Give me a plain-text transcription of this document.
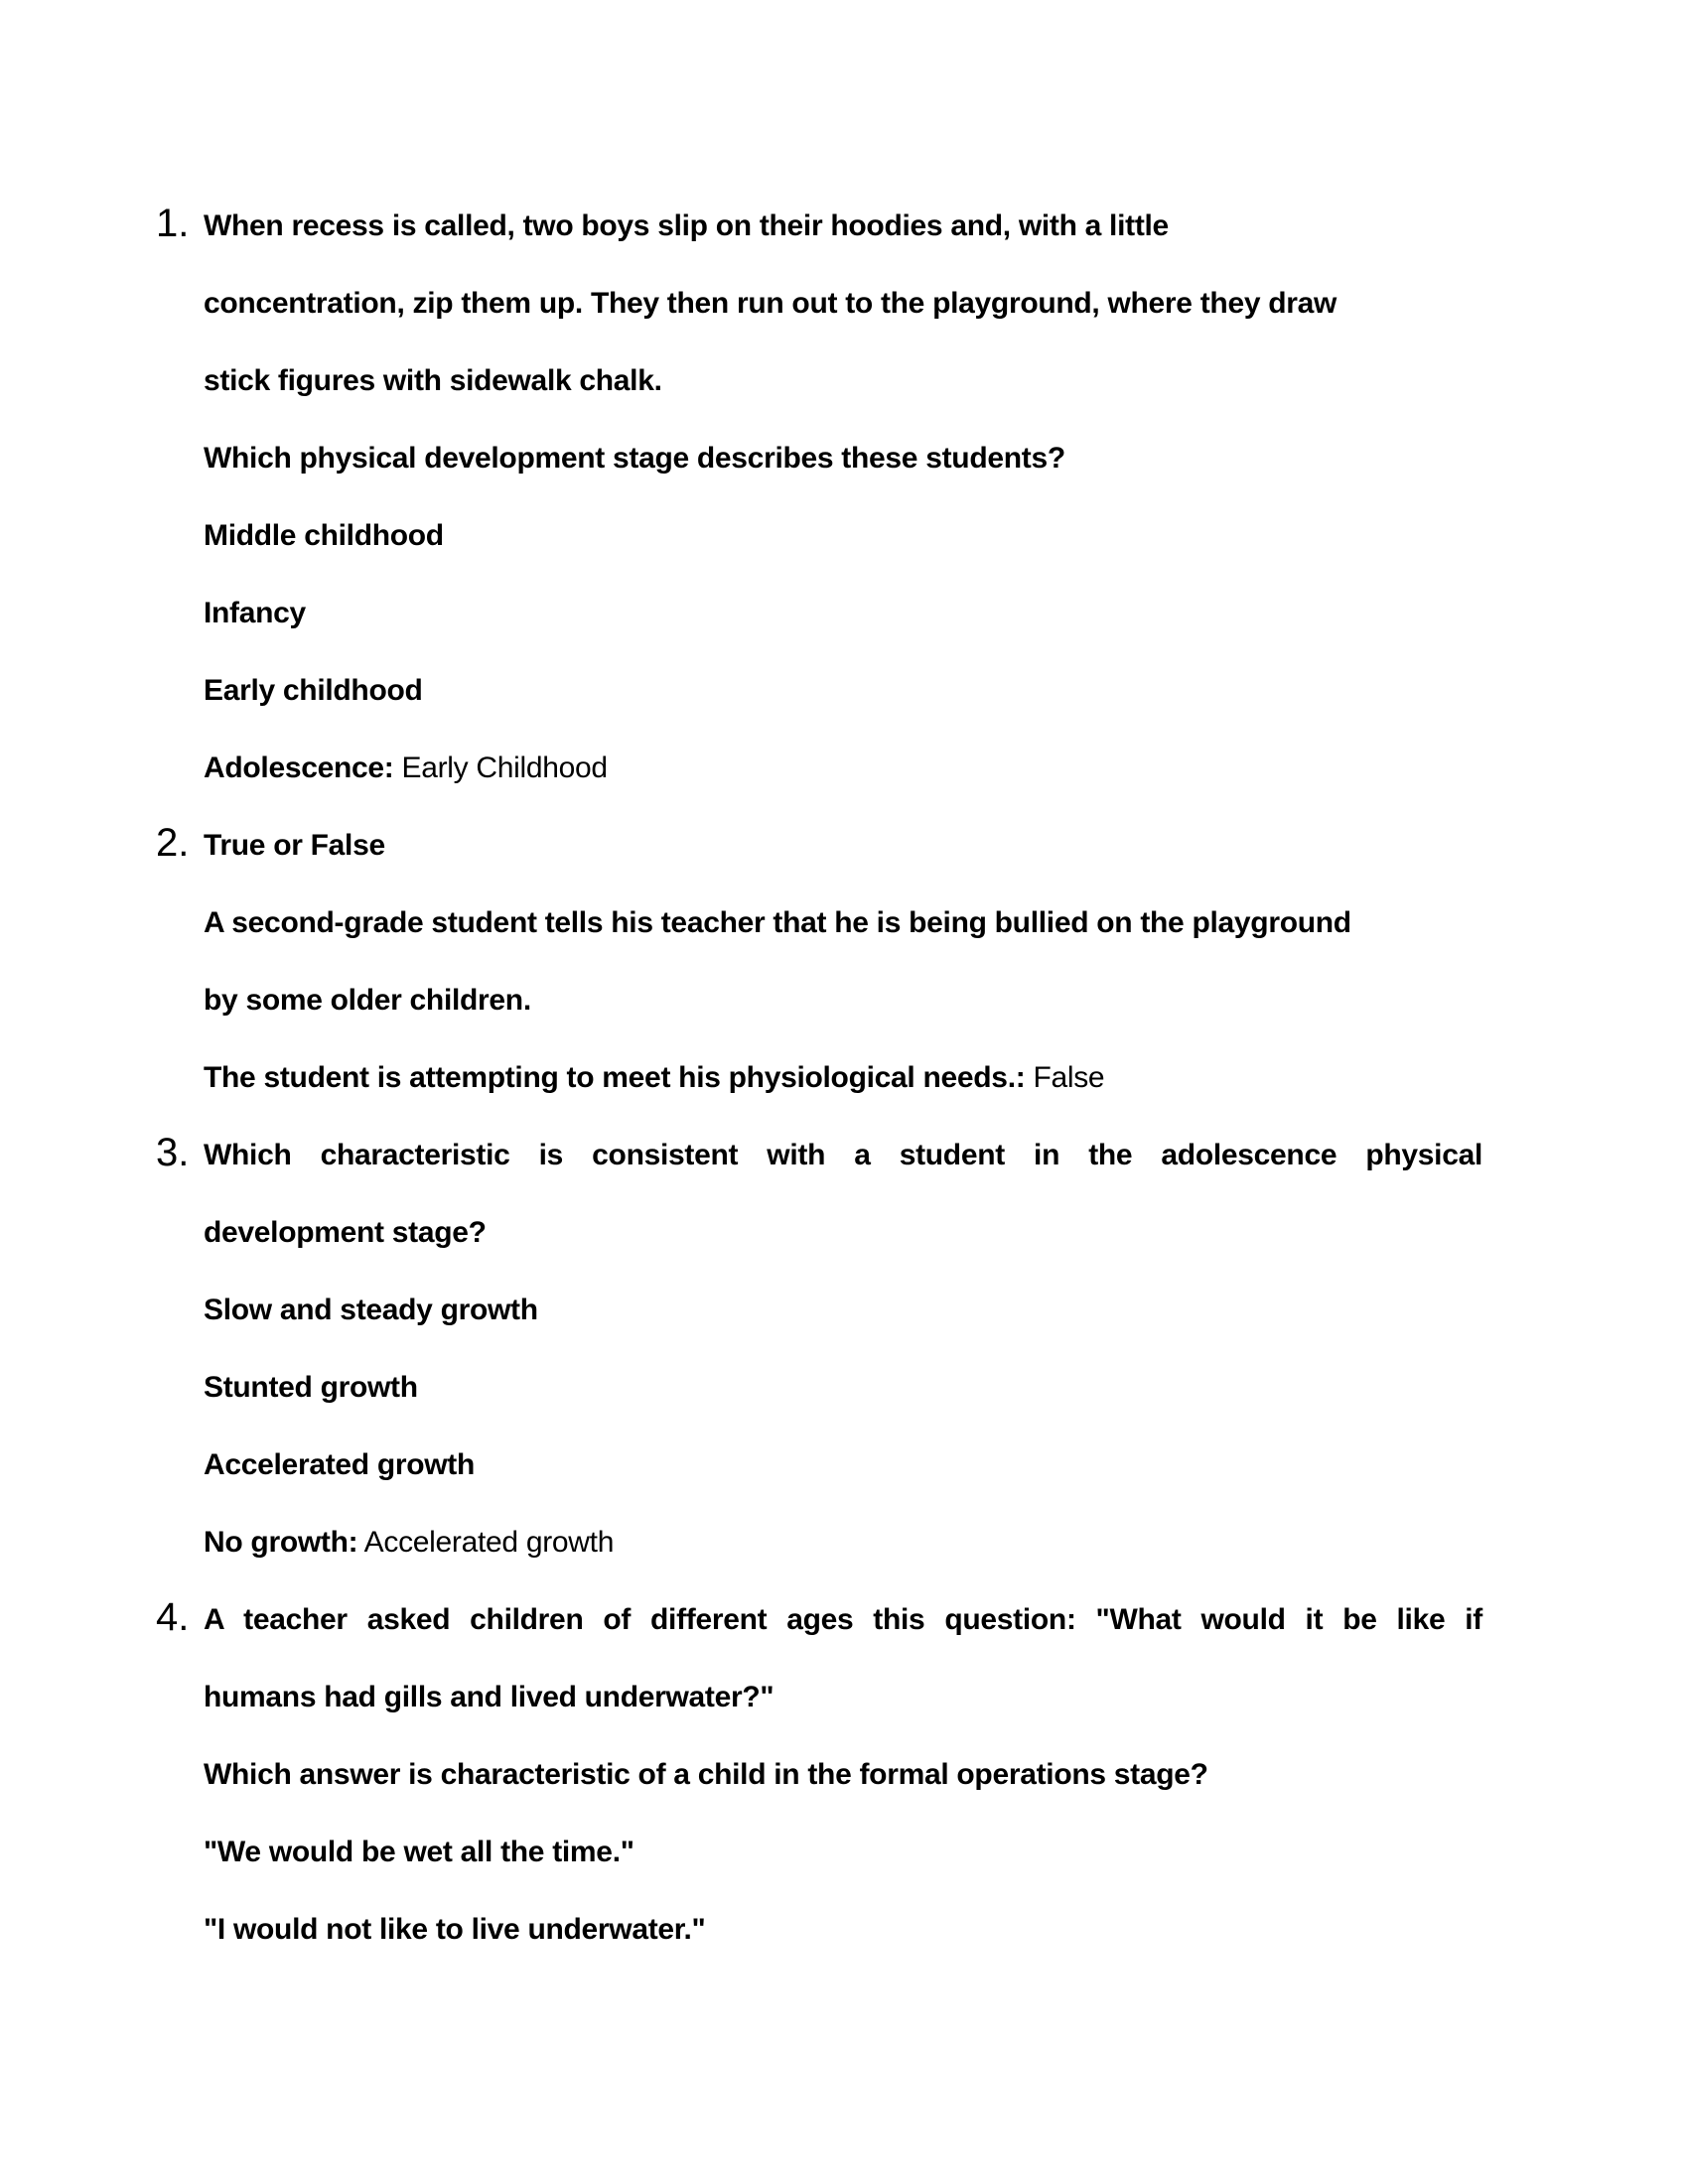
1. When recess is called, two boys slip on their hoodies and, with a little
concentration, zip them up. They then run out to the playground, where they draw
stick figures with sidewalk chalk.
Which physical development stage describes these students?
Middle childhood
Infancy
Early childhood
Adolescence: Early Childhood
2. True or False
A second-grade student tells his teacher that he is being bullied on the playground
by some older children.
The student is attempting to meet his physiological needs.: False
3. Which characteristic is consistent with a student in the adolescence physical
development stage?
Slow and steady growth
Stunted growth
Accelerated growth
No growth: Accelerated growth
4. A teacher asked children of different ages this question: "What would it be like if
humans had gills and lived underwater?"
Which answer is characteristic of a child in the formal operations stage?
"We would be wet all the time."
"I would not like to live underwater."
